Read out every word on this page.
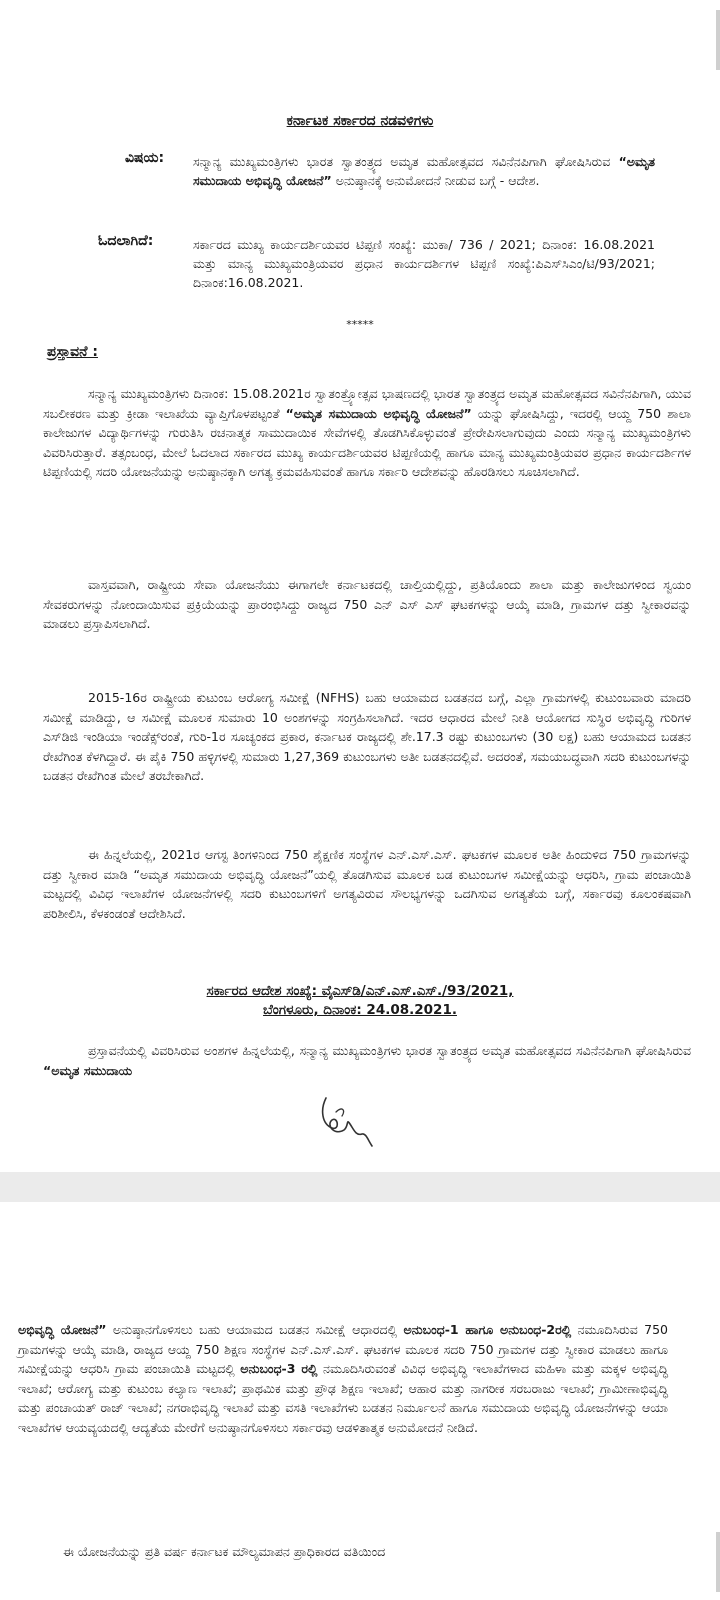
ಕರ್ನಾಟಕ ಸರ್ಕಾರದ ನಡವಳಿಗಳು
ವಿಷಯ: ಸನ್ಮಾನ್ಯ ಮುಖ್ಯಮಂತ್ರಿಗಳು ಭಾರತ ಸ್ವಾತಂತ್ರ್ಯದ ಅಮೃತ ಮಹೋತ್ಸವದ ಸವಿನೆನಪಿಗಾಗಿ ಘೋಷಿಸಿರುವ “ಅಮೃತ ಸಮುದಾಯ ಅಭಿವೃದ್ಧಿ ಯೋಜನೆ” ಅನುಷ್ಠಾನಕ್ಕೆ ಅನುಮೋದನೆ ನೀಡುವ ಬಗ್ಗೆ - ಆದೇಶ.

ಓದಲಾಗಿದೆ:	ಸರ್ಕಾರದ ಮುಖ್ಯ ಕಾರ್ಯದರ್ಶಿಯವರ ಟಿಪ್ಪಣಿ ಸಂಖ್ಯೆ: ಮುಕಾ/ 736 / 2021; ದಿನಾಂಕ: 16.08.2021 ಮತ್ತು ಮಾನ್ಯ ಮುಖ್ಯಮಂತ್ರಿಯವರ ಪ್ರಧಾನ ಕಾರ್ಯದರ್ಶಿಗಳ ಟಿಪ್ಪಣಿ ಸಂಖ್ಯೆ:ಪಿಎಸ್‌ಸಿಎಂ/ಟಿ/93/2021; ದಿನಾಂಕ:16.08.2021.

*****
ಪ್ರಸ್ತಾವನೆ :

ಸನ್ಮಾನ್ಯ ಮುಖ್ಯಮಂತ್ರಿಗಳು ದಿನಾಂಕ: 15.08.2021ರ ಸ್ವಾತಂತ್ರ್ಯೋತ್ಸವ ಭಾಷಣದಲ್ಲಿ ಭಾರತ ಸ್ವಾತಂತ್ರ್ಯದ ಅಮೃತ ಮಹೋತ್ಸವದ ಸವಿನೆನಪಿಗಾಗಿ, ಯುವ ಸಬಲೀಕರಣ ಮತ್ತು ಕ್ರೀಡಾ ಇಲಾಖೆಯ ವ್ಯಾಪ್ತಿಗೊಳಪಟ್ಟಂತೆ “ಅಮೃತ ಸಮುದಾಯ ಅಭಿವೃದ್ಧಿ ಯೋಜನೆ” ಯನ್ನು ಘೋಷಿಸಿದ್ದು, ಇದರಲ್ಲಿ ಆಯ್ದ 750 ಶಾಲಾ ಕಾಲೇಜುಗಳ ವಿದ್ಯಾರ್ಥಿಗಳನ್ನು ಗುರುತಿಸಿ ರಚನಾತ್ಮಕ ಸಾಮುದಾಯಿಕ ಸೇವೆಗಳಲ್ಲಿ ತೊಡಗಿಸಿಕೊಳ್ಳುವಂತೆ ಪ್ರೇರೇಪಿಸಲಾಗುವುದು ಎಂದು ಸನ್ಮಾನ್ಯ ಮುಖ್ಯಮಂತ್ರಿಗಳು ವಿವರಿಸಿರುತ್ತಾರೆ. ತತ್ಸಂಬಂಧ, ಮೇಲೆ ಓದಲಾದ ಸರ್ಕಾರದ ಮುಖ್ಯ ಕಾರ್ಯದರ್ಶಿಯವರ ಟಿಪ್ಪಣಿಯಲ್ಲಿ ಹಾಗೂ ಮಾನ್ಯ ಮುಖ್ಯಮಂತ್ರಿಯವರ ಪ್ರಧಾನ ಕಾರ್ಯದರ್ಶಿಗಳ ಟಿಪ್ಪಣಿಯಲ್ಲಿ ಸದರಿ ಯೋಜನೆಯನ್ನು ಅನುಷ್ಠಾನಕ್ಕಾಗಿ ಅಗತ್ಯ ಕ್ರಮವಹಿಸುವಂತೆ ಹಾಗೂ ಸರ್ಕಾರಿ ಆದೇಶವನ್ನು ಹೊರಡಿಸಲು ಸೂಚಿಸಲಾಗಿದೆ.

ವಾಸ್ತವವಾಗಿ, ರಾಷ್ಟ್ರೀಯ ಸೇವಾ ಯೋಜನೆಯು ಈಗಾಗಲೇ ಕರ್ನಾಟಕದಲ್ಲಿ ಚಾಲ್ತಿಯಲ್ಲಿದ್ದು, ಪ್ರತಿಯೊಂದು ಶಾಲಾ ಮತ್ತು ಕಾಲೇಜುಗಳಿಂದ ಸ್ವಯಂ ಸೇವಕರುಗಳನ್ನು ನೋಂದಾಯಿಸುವ ಪ್ರಕ್ರಿಯೆಯನ್ನು ಪ್ರಾರಂಭಿಸಿದ್ದು ರಾಜ್ಯದ 750 ಎನ್ ಎಸ್ ಎಸ್ ಘಟಕಗಳನ್ನು ಆಯ್ಕೆ ಮಾಡಿ, ಗ್ರಾಮಗಳ ದತ್ತು ಸ್ವೀಕಾರವನ್ನು ಮಾಡಲು ಪ್ರಸ್ತಾಪಿಸಲಾಗಿದೆ.

2015-16ರ ರಾಷ್ಟ್ರೀಯ ಕುಟುಂಬ ಆರೋಗ್ಯ ಸಮೀಕ್ಷೆ (NFHS) ಬಹು ಆಯಾಮದ ಬಡತನದ ಬಗ್ಗೆ, ಎಲ್ಲಾ ಗ್ರಾಮಗಳಲ್ಲಿ ಕುಟುಂಬವಾರು ಮಾದರಿ ಸಮೀಕ್ಷೆ ಮಾಡಿದ್ದು, ಆ ಸಮೀಕ್ಷೆ ಮೂಲಕ ಸುಮಾರು 10 ಅಂಶಗಳನ್ನು ಸಂಗ್ರಹಿಸಲಾಗಿದೆ. ಇದರ ಆಧಾರದ ಮೇಲೆ ನೀತಿ ಆಯೋಗದ ಸುಸ್ಥಿರ ಅಭಿವೃದ್ಧಿ ಗುರಿಗಳ ಎಸ್‌ಡಿಜಿ ಇಂಡಿಯಾ ಇಂಡೆಕ್ಸ್‌ರಂತೆ, ಗುರಿ-1ರ ಸೂಚ್ಯಂಕದ ಪ್ರಕಾರ, ಕರ್ನಾಟಕ ರಾಜ್ಯದಲ್ಲಿ ಶೇ.17.3 ರಷ್ಟು ಕುಟುಂಬಗಳು (30 ಲಕ್ಷ) ಬಹು ಆಯಾಮದ ಬಡತನ ರೇಖೆಗಿಂತ ಕೆಳಗಿದ್ದಾರೆ. ಈ ಪೈಕಿ 750 ಹಳ್ಳಿಗಳಲ್ಲಿ ಸುಮಾರು 1,27,369 ಕುಟುಂಬಗಳು ಅತೀ ಬಡತನದಲ್ಲಿವೆ. ಅದರಂತೆ, ಸಮಯಬದ್ಧವಾಗಿ ಸದರಿ ಕುಟುಂಬಗಳನ್ನು ಬಡತನ ರೇಖೆಗಿಂತ ಮೇಲೆ ತರಬೇಕಾಗಿದೆ.

ಈ ಹಿನ್ನಲೆಯಲ್ಲಿ, 2021ರ ಆಗಸ್ಟ ತಿಂಗಳಿನಿಂದ 750 ಶೈಕ್ಷಣಿಕ ಸಂಸ್ಥೆಗಳ ಎನ್.ಎಸ್.ಎಸ್. ಘಟಕಗಳ ಮೂಲಕ ಅತೀ ಹಿಂದುಳಿದ 750 ಗ್ರಾಮಗಳನ್ನು ದತ್ತು ಸ್ವೀಕಾರ ಮಾಡಿ “ಅಮೃತ ಸಮುದಾಯ ಅಭಿವೃದ್ಧಿ ಯೋಜನೆ”ಯಲ್ಲಿ ತೊಡಗಿಸುವ ಮೂಲಕ ಬಡ ಕುಟುಂಬಗಳ ಸಮೀಕ್ಷೆಯನ್ನು ಆಧರಿಸಿ, ಗ್ರಾಮ ಪಂಚಾಯಿತಿ ಮಟ್ಟದಲ್ಲಿ ವಿವಿಧ ಇಲಾಖೆಗಳ ಯೋಜನೆಗಳಲ್ಲಿ ಸದರಿ ಕುಟುಂಬಗಳಿಗೆ ಅಗತ್ಯವಿರುವ ಸೌಲಭ್ಯಗಳನ್ನು ಒದಗಿಸುವ ಅಗತ್ಯತೆಯ ಬಗ್ಗೆ, ಸರ್ಕಾರವು ಕೂಲಂಕಷವಾಗಿ ಪರಿಶೀಲಿಸಿ, ಕೆಳಕಂಡಂತೆ ಆದೇಶಿಸಿದೆ.

ಸರ್ಕಾರದ ಆದೇಶ ಸಂಖ್ಯೆ: ವೈಎಸ್‌ಡಿ/ಎನ್.ಎಸ್.ಎಸ್./93/2021,
ಬೆಂಗಳೂರು, ದಿನಾಂಕ: 24.08.2021.

ಪ್ರಸ್ತಾವನೆಯಲ್ಲಿ ವಿವರಿಸಿರುವ ಅಂಶಗಳ ಹಿನ್ನಲೆಯಲ್ಲಿ, ಸನ್ಮಾನ್ಯ ಮುಖ್ಯಮಂತ್ರಿಗಳು ಭಾರತ ಸ್ವಾತಂತ್ರ್ಯದ ಅಮೃತ ಮಹೋತ್ಸವದ ಸವಿನೆನಪಿಗಾಗಿ ಘೋಷಿಸಿರುವ “ಅಮೃತ ಸಮುದಾಯ

ಅಭಿವೃದ್ಧಿ ಯೋಜನೆ” ಅನುಷ್ಠಾನಗೊಳಿಸಲು ಬಹು ಆಯಾಮದ ಬಡತನ ಸಮೀಕ್ಷೆ ಆಧಾರದಲ್ಲಿ ಅನುಬಂಧ-1 ಹಾಗೂ ಅನುಬಂಧ-2ರಲ್ಲಿ ನಮೂದಿಸಿರುವ 750 ಗ್ರಾಮಗಳನ್ನು ಆಯ್ಕೆ ಮಾಡಿ, ರಾಜ್ಯದ ಆಯ್ದ 750 ಶಿಕ್ಷಣ ಸಂಸ್ಥೆಗಳ ಎನ್.ಎಸ್.ಎಸ್. ಘಟಕಗಳ ಮೂಲಕ ಸದರಿ 750 ಗ್ರಾಮಗಳ ದತ್ತು ಸ್ವೀಕಾರ ಮಾಡಲು ಹಾಗೂ ಸಮೀಕ್ಷೆಯನ್ನು ಆಧರಿಸಿ ಗ್ರಾಮ ಪಂಚಾಯಿತಿ ಮಟ್ಟದಲ್ಲಿ ಅನುಬಂಧ-3 ರಲ್ಲಿ ನಮೂದಿಸಿರುವಂತೆ ವಿವಿಧ ಅಭಿವೃದ್ಧಿ ಇಲಾಖೆಗಳಾದ ಮಹಿಳಾ ಮತ್ತು ಮಕ್ಕಳ ಅಭಿವೃದ್ಧಿ ಇಲಾಖೆ; ಆರೋಗ್ಯ ಮತ್ತು ಕುಟುಂಬ ಕಲ್ಯಾಣ ಇಲಾಖೆ; ಪ್ರಾಥಮಿಕ ಮತ್ತು ಪ್ರೌಢ ಶಿಕ್ಷಣ ಇಲಾಖೆ; ಆಹಾರ ಮತ್ತು ನಾಗರೀಕ ಸರಬರಾಜು ಇಲಾಖೆ; ಗ್ರಾಮೀಣಾಭಿವೃದ್ಧಿ ಮತ್ತು ಪಂಚಾಯತ್ ರಾಜ್ ಇಲಾಖೆ; ನಗರಾಭಿವೃದ್ಧಿ ಇಲಾಖೆ ಮತ್ತು ವಸತಿ ಇಲಾಖೆಗಳು ಬಡತನ ನಿರ್ಮೂಲನೆ ಹಾಗೂ ಸಮುದಾಯ ಅಭಿವೃದ್ಧಿ ಯೋಜನೆಗಳನ್ನು ಆಯಾ ಇಲಾಖೆಗಳ ಆಯವ್ಯಯದಲ್ಲಿ ಆದ್ಯತೆಯ ಮೇರೆಗೆ ಅನುಷ್ಠಾನಗೊಳಿಸಲು ಸರ್ಕಾರವು ಆಡಳಿತಾತ್ಮಕ ಅನುಮೋದನೆ ನೀಡಿದೆ.

ಈ ಯೋಜನೆಯನ್ನು ಪ್ರತಿ ವರ್ಷ ಕರ್ನಾಟಕ ಮೌಲ್ಯಮಾಪನ ಪ್ರಾಧಿಕಾರದ ವತಿಯಿಂದ
